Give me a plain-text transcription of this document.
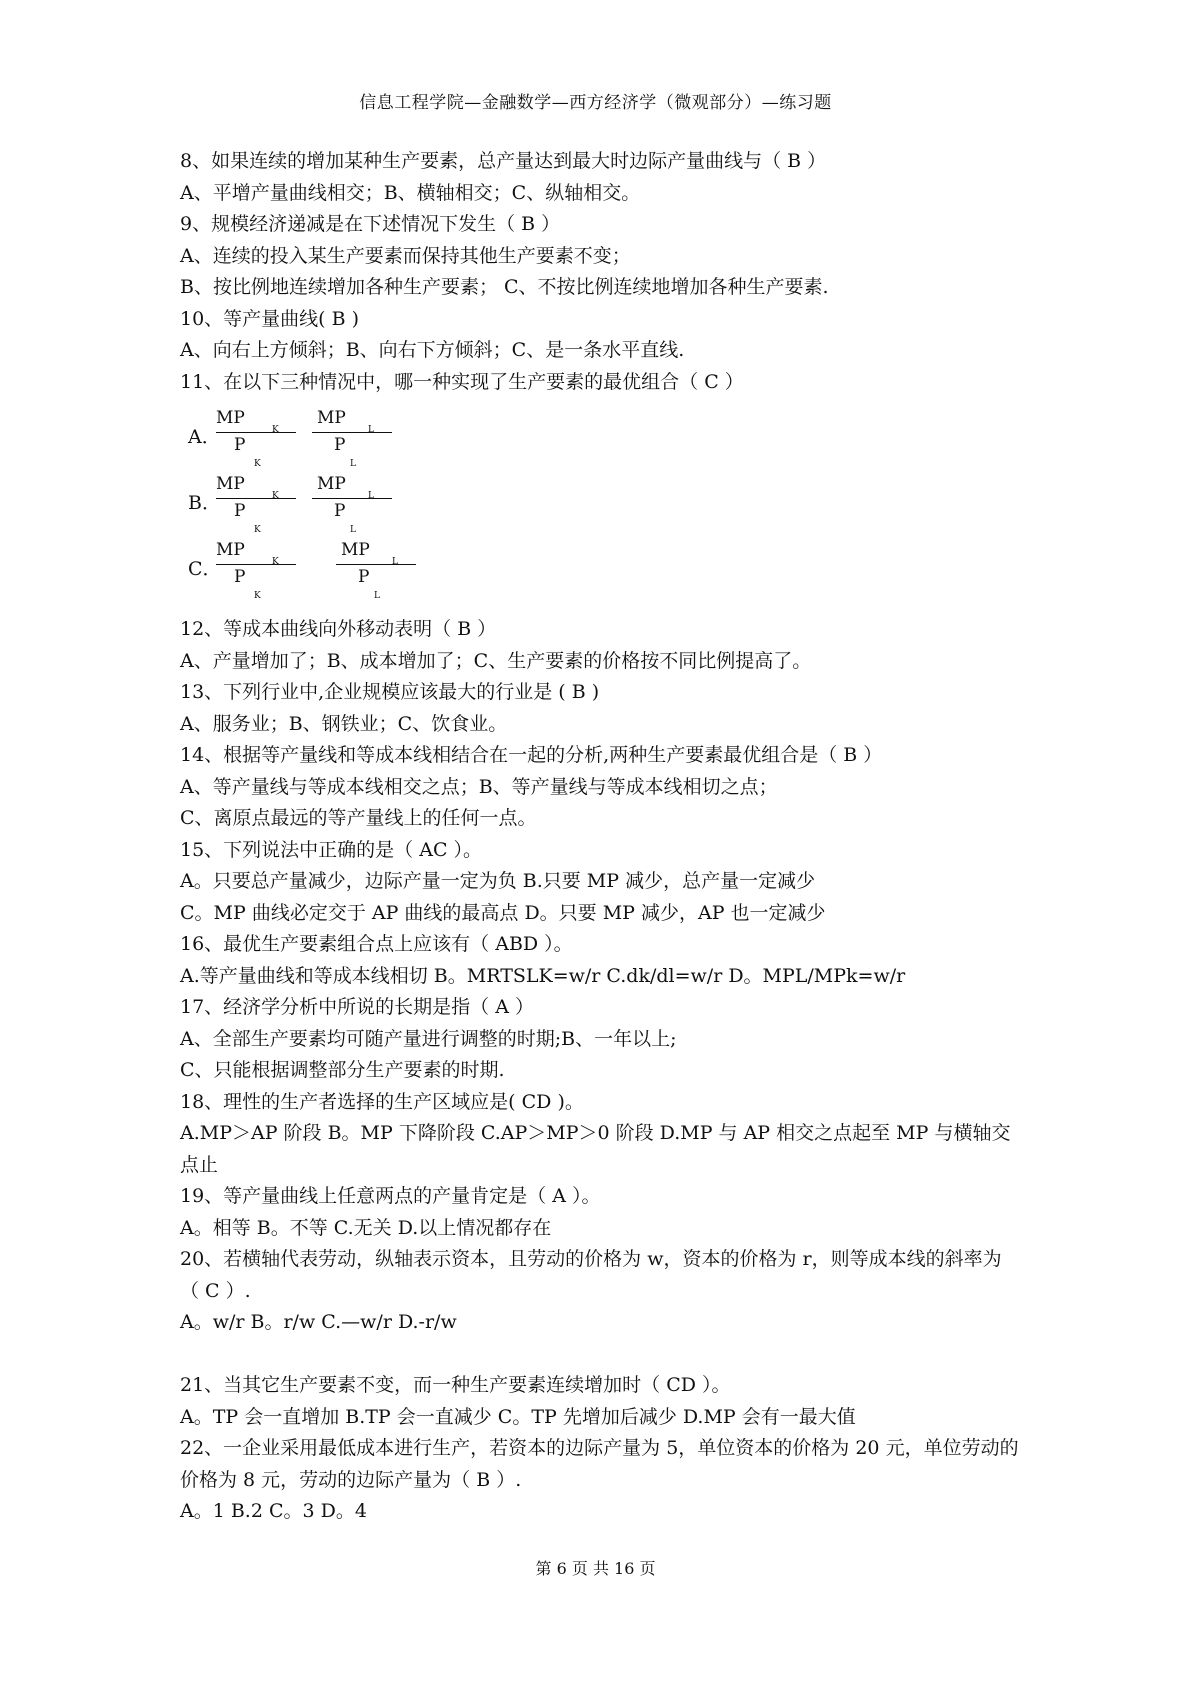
信息工程学院—金融数学—西方经济学（微观部分）—练习题
8、如果连续的增加某种生产要素，总产量达到最大时边际产量曲线与（ B ）
A、平增产量曲线相交；B、横轴相交；C、纵轴相交。
9、规模经济递减是在下述情况下发生（ B ）
A、连续的投入某生产要素而保持其他生产要素不变；
B、按比例地连续增加各种生产要素； C、不按比例连续地增加各种生产要素.
10、等产量曲线( B )
A、向右上方倾斜；B、向右下方倾斜；C、是一条水平直线.
11、在以下三种情况中，哪一种实现了生产要素的最优组合（ C ）
A．
MP
K
P
K
MP
L
P
L
B．
MP
K
P
K
MP
L
P
L
C．
MP
K
P
K
MP
L
P
L
12、等成本曲线向外移动表明（ B ）
A、产量增加了；B、成本增加了；C、生产要素的价格按不同比例提高了。
13、下列行业中,企业规模应该最大的行业是 ( B )
A、服务业；B、钢铁业；C、饮食业。
14、根据等产量线和等成本线相结合在一起的分析,两种生产要素最优组合是（ B ）
A、等产量线与等成本线相交之点；B、等产量线与等成本线相切之点；
C、离原点最远的等产量线上的任何一点。
15、下列说法中正确的是（ AC ）。
A。只要总产量减少，边际产量一定为负 B.只要 MP 减少，总产量一定减少
C。MP 曲线必定交于 AP 曲线的最高点 D。只要 MP 减少，AP 也一定减少
16、最优生产要素组合点上应该有（ ABD ）。
A.等产量曲线和等成本线相切 B。MRTSLK=w/r C.dk/dl=w/r D。MPL/MPk=w/r
17、经济学分析中所说的长期是指（ A ）
A、全部生产要素均可随产量进行调整的时期;B、一年以上;
C、只能根据调整部分生产要素的时期.
18、理性的生产者选择的生产区域应是( CD )。
A.MP＞AP 阶段 B。MP 下降阶段 C.AP＞MP＞0 阶段 D.MP 与 AP 相交之点起至 MP 与横轴交点止
19、等产量曲线上任意两点的产量肯定是（ A ）。
A。相等 B。不等 C.无关 D.以上情况都存在
20、若横轴代表劳动，纵轴表示资本，且劳动的价格为 w，资本的价格为 r，则等成本线的斜率为（ C ）.
A。w/r B。r/w C.—w/r D.-r/w
21、当其它生产要素不变，而一种生产要素连续增加时（ CD ）。
A。TP 会一直增加 B.TP 会一直减少 C。TP 先增加后减少 D.MP 会有一最大值
22、一企业采用最低成本进行生产，若资本的边际产量为 5，单位资本的价格为 20 元，单位劳动的价格为 8 元，劳动的边际产量为（ B ）.
A。1 B.2 C。3 D。4
第 6 页 共 16 页
